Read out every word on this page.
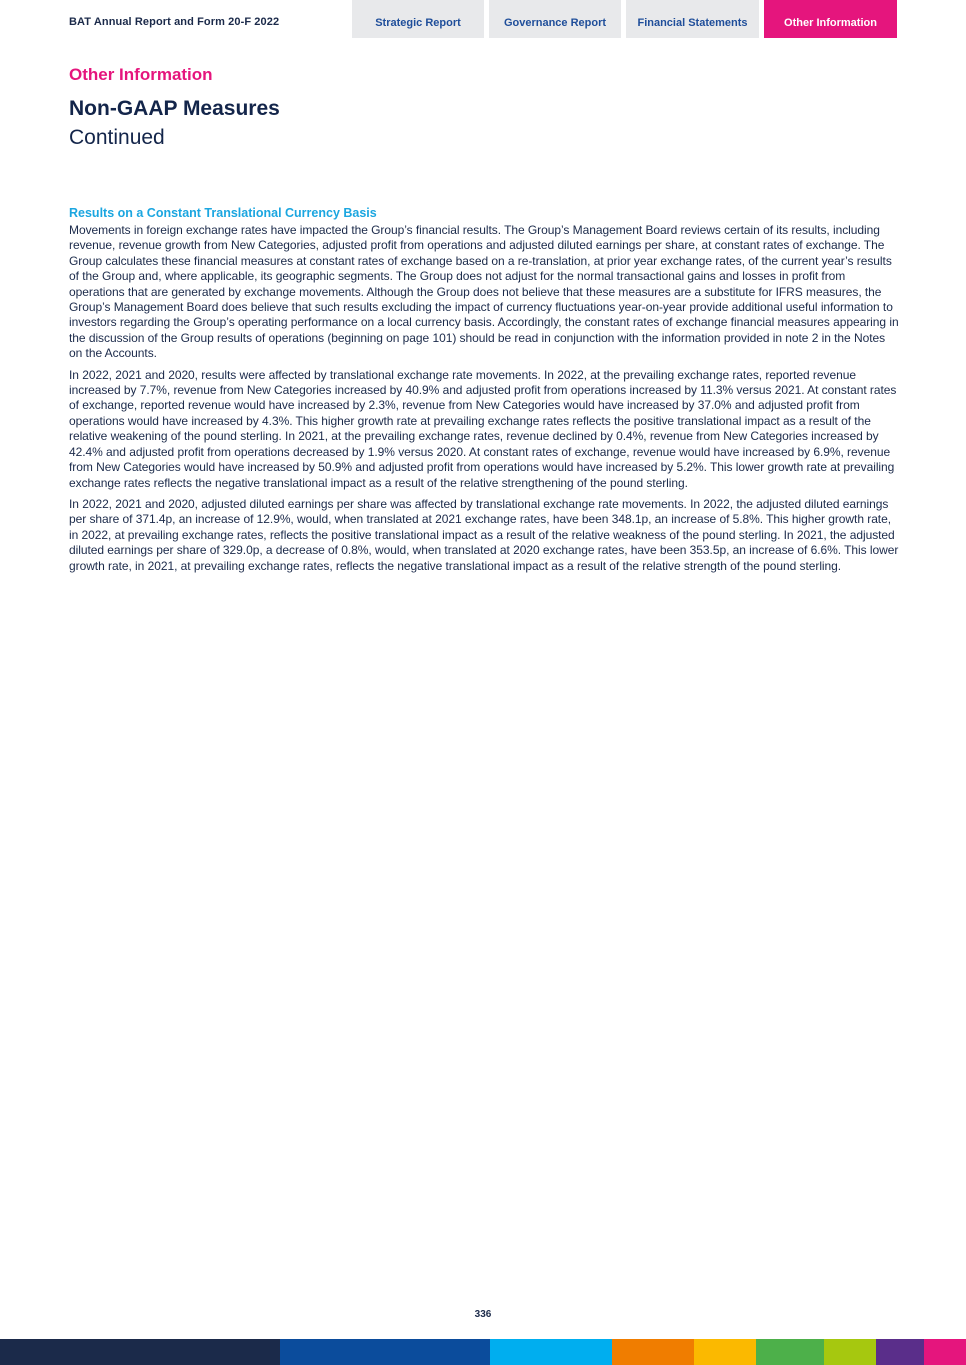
BAT Annual Report and Form 20-F 2022	Strategic Report	Governance Report	Financial Statements	Other Information
Other Information
Non-GAAP Measures
Continued
Results on a Constant Translational Currency Basis

Movements in foreign exchange rates have impacted the Group’s financial results. The Group’s Management Board reviews certain of its results, including revenue, revenue growth from New Categories, adjusted profit from operations and adjusted diluted earnings per share, at constant rates of exchange. The Group calculates these financial measures at constant rates of exchange based on a re-translation, at prior year exchange rates, of the current year’s results of the Group and, where applicable, its geographic segments. The Group does not adjust for the normal transactional gains and losses in profit from operations that are generated by exchange movements. Although the Group does not believe that these measures are a substitute for IFRS measures, the Group’s Management Board does believe that such results excluding the impact of currency fluctuations year-on-year provide additional useful information to investors regarding the Group’s operating performance on a local currency basis. Accordingly, the constant rates of exchange financial measures appearing in the discussion of the Group results of operations (beginning on page 101) should be read in conjunction with the information provided in note 2 in the Notes on the Accounts.

In 2022, 2021 and 2020, results were affected by translational exchange rate movements. In 2022, at the prevailing exchange rates, reported revenue increased by 7.7%, revenue from New Categories increased by 40.9% and adjusted profit from operations increased by 11.3% versus 2021. At constant rates of exchange, reported revenue would have increased by 2.3%, revenue from New Categories would have increased by 37.0% and adjusted profit from operations would have increased by 4.3%. This higher growth rate at prevailing exchange rates reflects the positive translational impact as a result of the relative weakening of the pound sterling. In 2021, at the prevailing exchange rates, revenue declined by 0.4%, revenue from New Categories increased by 42.4% and adjusted profit from operations decreased by 1.9% versus 2020. At constant rates of exchange, revenue would have increased by 6.9%, revenue from New Categories would have increased by 50.9% and adjusted profit from operations would have increased by 5.2%. This lower growth rate at prevailing exchange rates reflects the negative translational impact as a result of the relative strengthening of the pound sterling.

In 2022, 2021 and 2020, adjusted diluted earnings per share was affected by translational exchange rate movements. In 2022, the adjusted diluted earnings per share of 371.4p, an increase of 12.9%, would, when translated at 2021 exchange rates, have been 348.1p, an increase of 5.8%. This higher growth rate, in 2022, at prevailing exchange rates, reflects the positive translational impact as a result of the relative weakness of the pound sterling. In 2021, the adjusted diluted earnings per share of 329.0p, a decrease of 0.8%, would, when translated at 2020 exchange rates, have been 353.5p, an increase of 6.6%. This lower growth rate, in 2021, at prevailing exchange rates, reflects the negative translational impact as a result of the relative strength of the pound sterling.

336
